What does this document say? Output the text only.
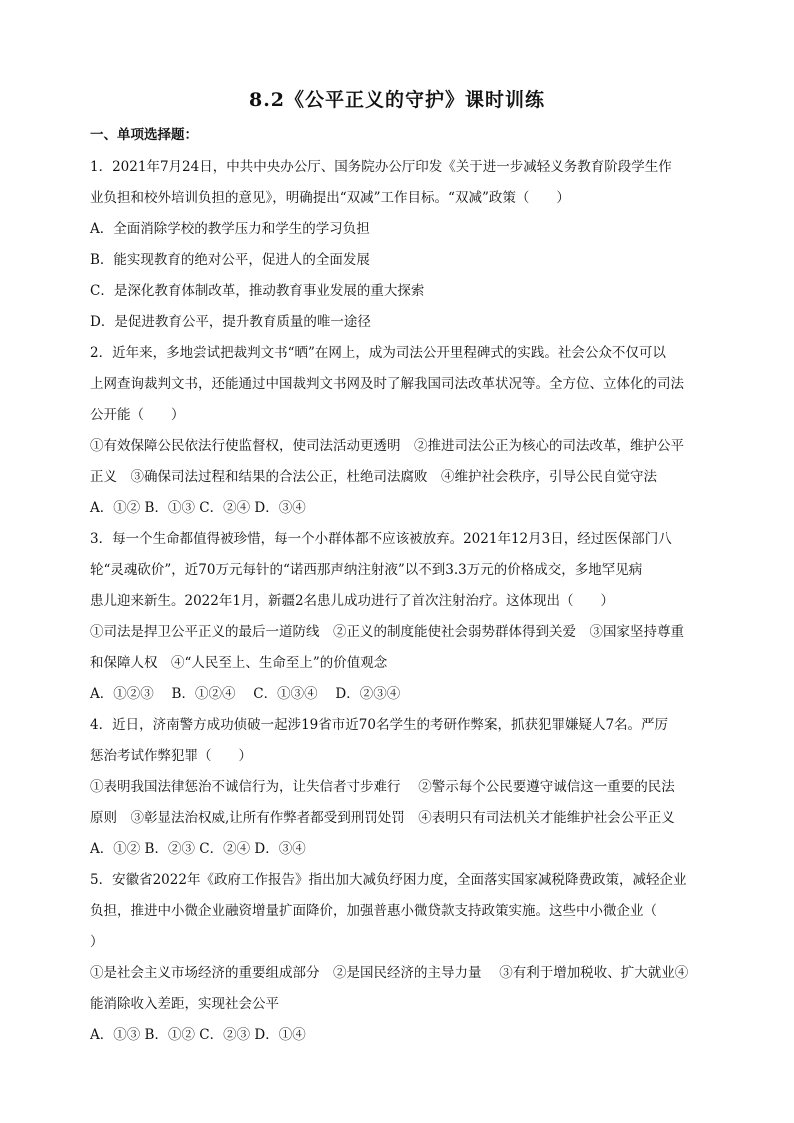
8.2《公平正义的守护》课时训练
一、单项选择题：

1．2021年7月24日，中共中央办公厅、国务院办公厅印发《关于进一步减轻义务教育阶段学生作

业负担和校外培训负担的意见》，明确提出“双减”工作目标。“双减”政策（　　）

A．全面消除学校的教学压力和学生的学习负担

B．能实现教育的绝对公平，促进人的全面发展

C．是深化教育体制改革，推动教育事业发展的重大探索

D．是促进教育公平，提升教育质量的唯一途径

2．近年来，多地尝试把裁判文书“晒”在网上，成为司法公开里程碑式的实践。社会公众不仅可以

上网查询裁判文书，还能通过中国裁判文书网及时了解我国司法改革状况等。全方位、立体化的司法

公开能（　　）

①有效保障公民依法行使监督权，使司法活动更透明　②推进司法公正为核心的司法改革，维护公平

正义　③确保司法过程和结果的合法公正，杜绝司法腐败　④维护社会秩序，引导公民自觉守法

A．①② B．①③ C．②④ D．③④

3．每一个生命都值得被珍惜，每一个小群体都不应该被放弃。2021年12月3日，经过医保部门八

轮“灵魂砍价”，近70万元每针的“诺西那声纳注射液”以不到3.3万元的价格成交，多地罕见病

患儿迎来新生。2022年1月，新疆2名患儿成功进行了首次注射治疗。这体现出（　　）

①司法是捍卫公平正义的最后一道防线　②正义的制度能使社会弱势群体得到关爱　③国家坚持尊重

和保障人权　④“人民至上、生命至上”的价值观念

A．①②③　 B．①②④　 C．①③④　 D．②③④

4．近日，济南警方成功侦破一起涉19省市近70名学生的考研作弊案，抓获犯罪嫌疑人7名。严厉

惩治考试作弊犯罪（　　）

①表明我国法律惩治不诚信行为，让失信者寸步难行　 ②警示每个公民要遵守诚信这一重要的民法

原则　③彰显法治权威,让所有作弊者都受到刑罚处罚　④表明只有司法机关才能维护社会公平正义

A．①② B．②③ C．②④ D．③④

5．安徽省2022年《政府工作报告》指出加大减负纾困力度，全面落实国家减税降费政策，减轻企业

负担，推进中小微企业融资增量扩面降价，加强普惠小微贷款支持政策实施。这些中小微企业（

）

①是社会主义市场经济的重要组成部分　②是国民经济的主导力量　 ③有利于增加税收、扩大就业④

能消除收入差距，实现社会公平

A．①③ B．①② C．②③ D．①④
